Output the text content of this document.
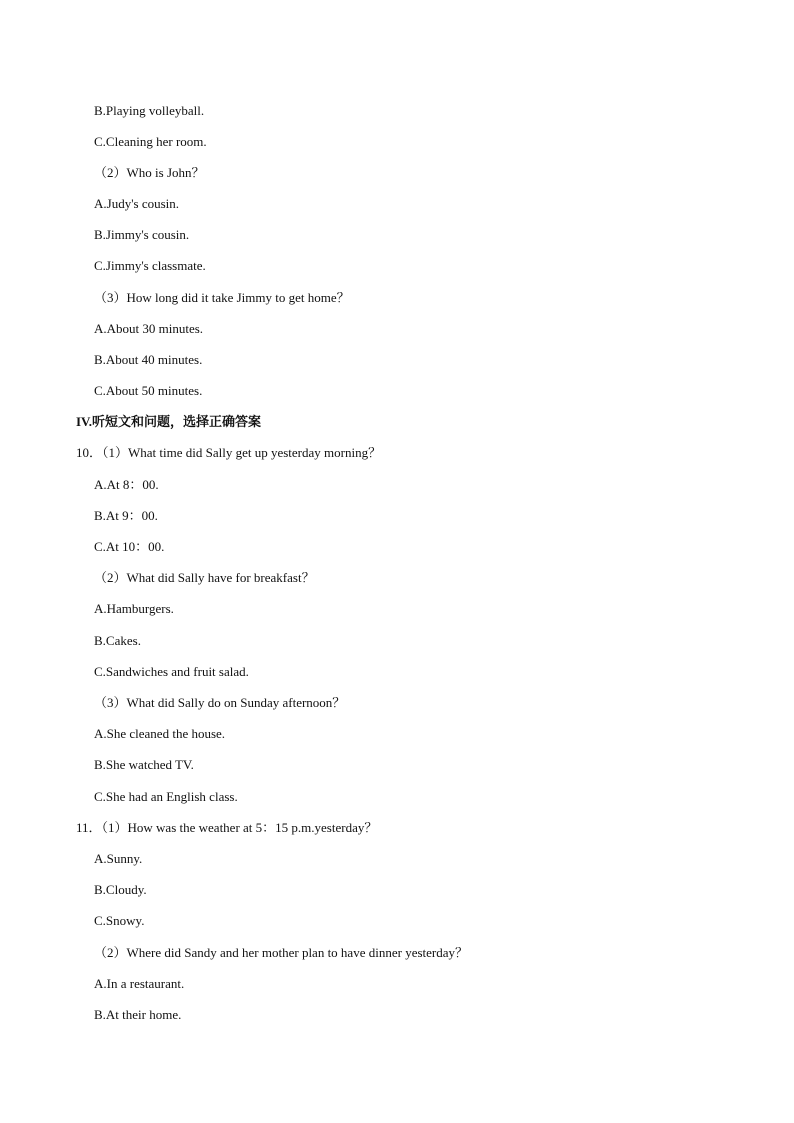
B.Playing volleyball.
C.Cleaning her room.
（2）Who is John？
A.Judy's cousin.
B.Jimmy's cousin.
C.Jimmy's classmate.
（3）How long did it take Jimmy to get home？
A.About 30 minutes.
B.About 40 minutes.
C.About 50 minutes.
IV.听短文和问题，选择正确答案
10．（1）What time did Sally get up yesterday morning？
A.At 8：00.
B.At 9：00.
C.At 10：00.
（2）What did Sally have for breakfast？
A.Hamburgers.
B.Cakes.
C.Sandwiches and fruit salad.
（3）What did Sally do on Sunday afternoon？
A.She cleaned the house.
B.She watched TV.
C.She had an English class.
11．（1）How was the weather at 5：15 p.m.yesterday？
A.Sunny.
B.Cloudy.
C.Snowy.
（2）Where did Sandy and her mother plan to have dinner yesterday？
A.In a restaurant.
B.At their home.
